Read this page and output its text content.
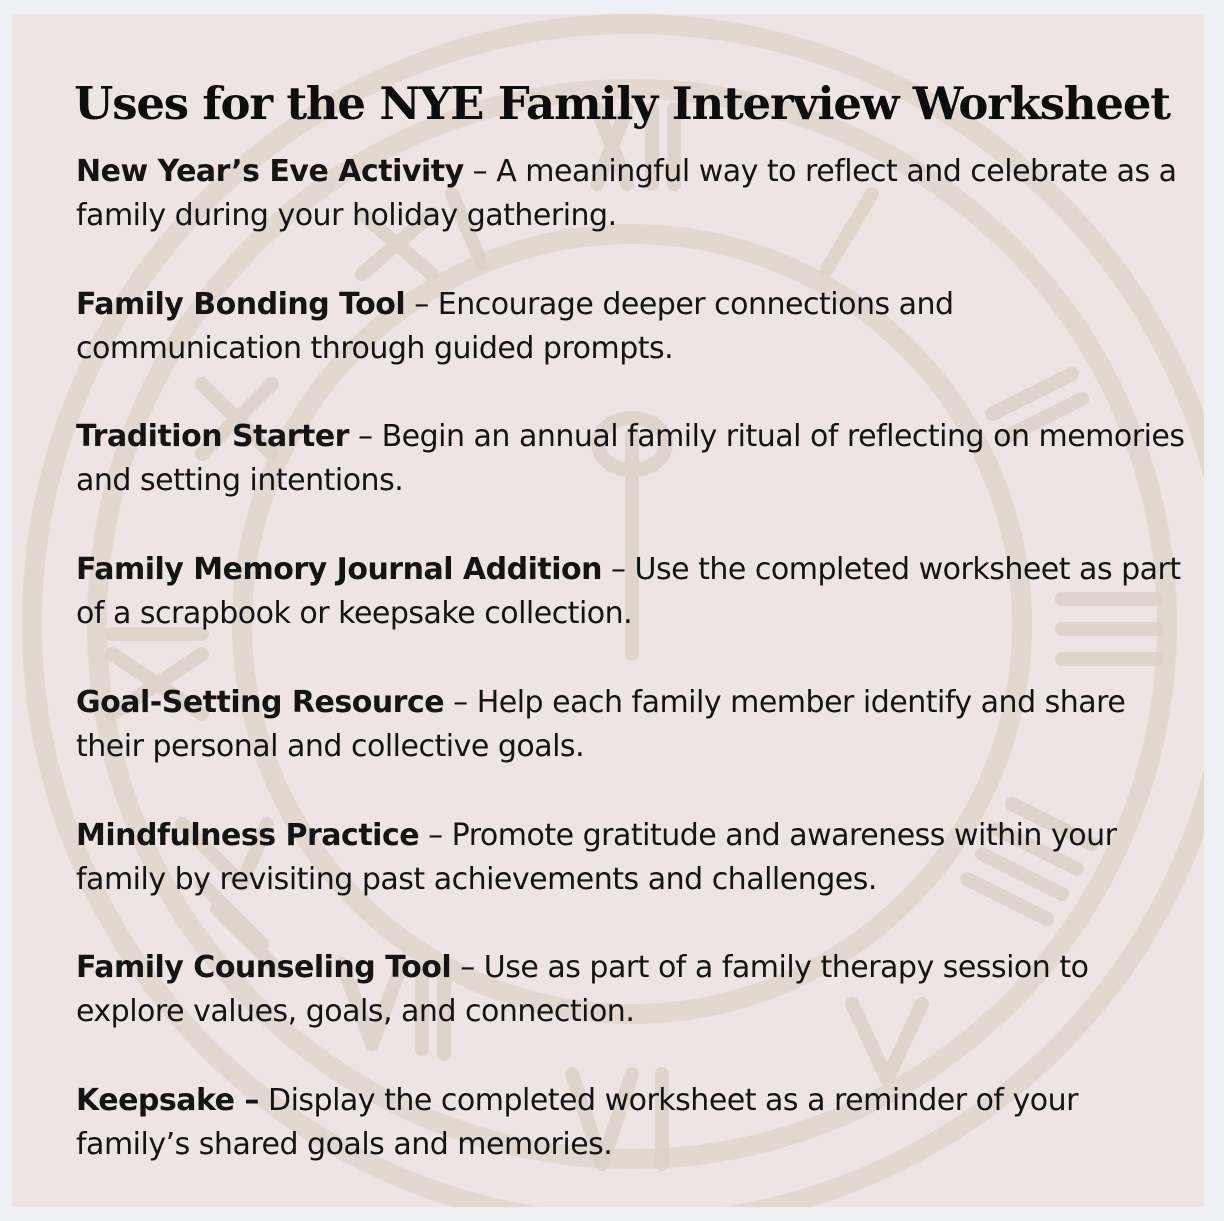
Uses for the NYE Family Interview Worksheet

New Year’s Eve Activity – A meaningful way to reflect and celebrate as a family during your holiday gathering.

Family Bonding Tool – Encourage deeper connections and communication through guided prompts.

Tradition Starter – Begin an annual family ritual of reflecting on memories and setting intentions.

Family Memory Journal Addition – Use the completed worksheet as part of a scrapbook or keepsake collection.

Goal-Setting Resource – Help each family member identify and share their personal and collective goals.

Mindfulness Practice – Promote gratitude and awareness within your family by revisiting past achievements and challenges.

Family Counseling Tool – Use as part of a family therapy session to explore values, goals, and connection.

Keepsake – Display the completed worksheet as a reminder of your family’s shared goals and memories.
